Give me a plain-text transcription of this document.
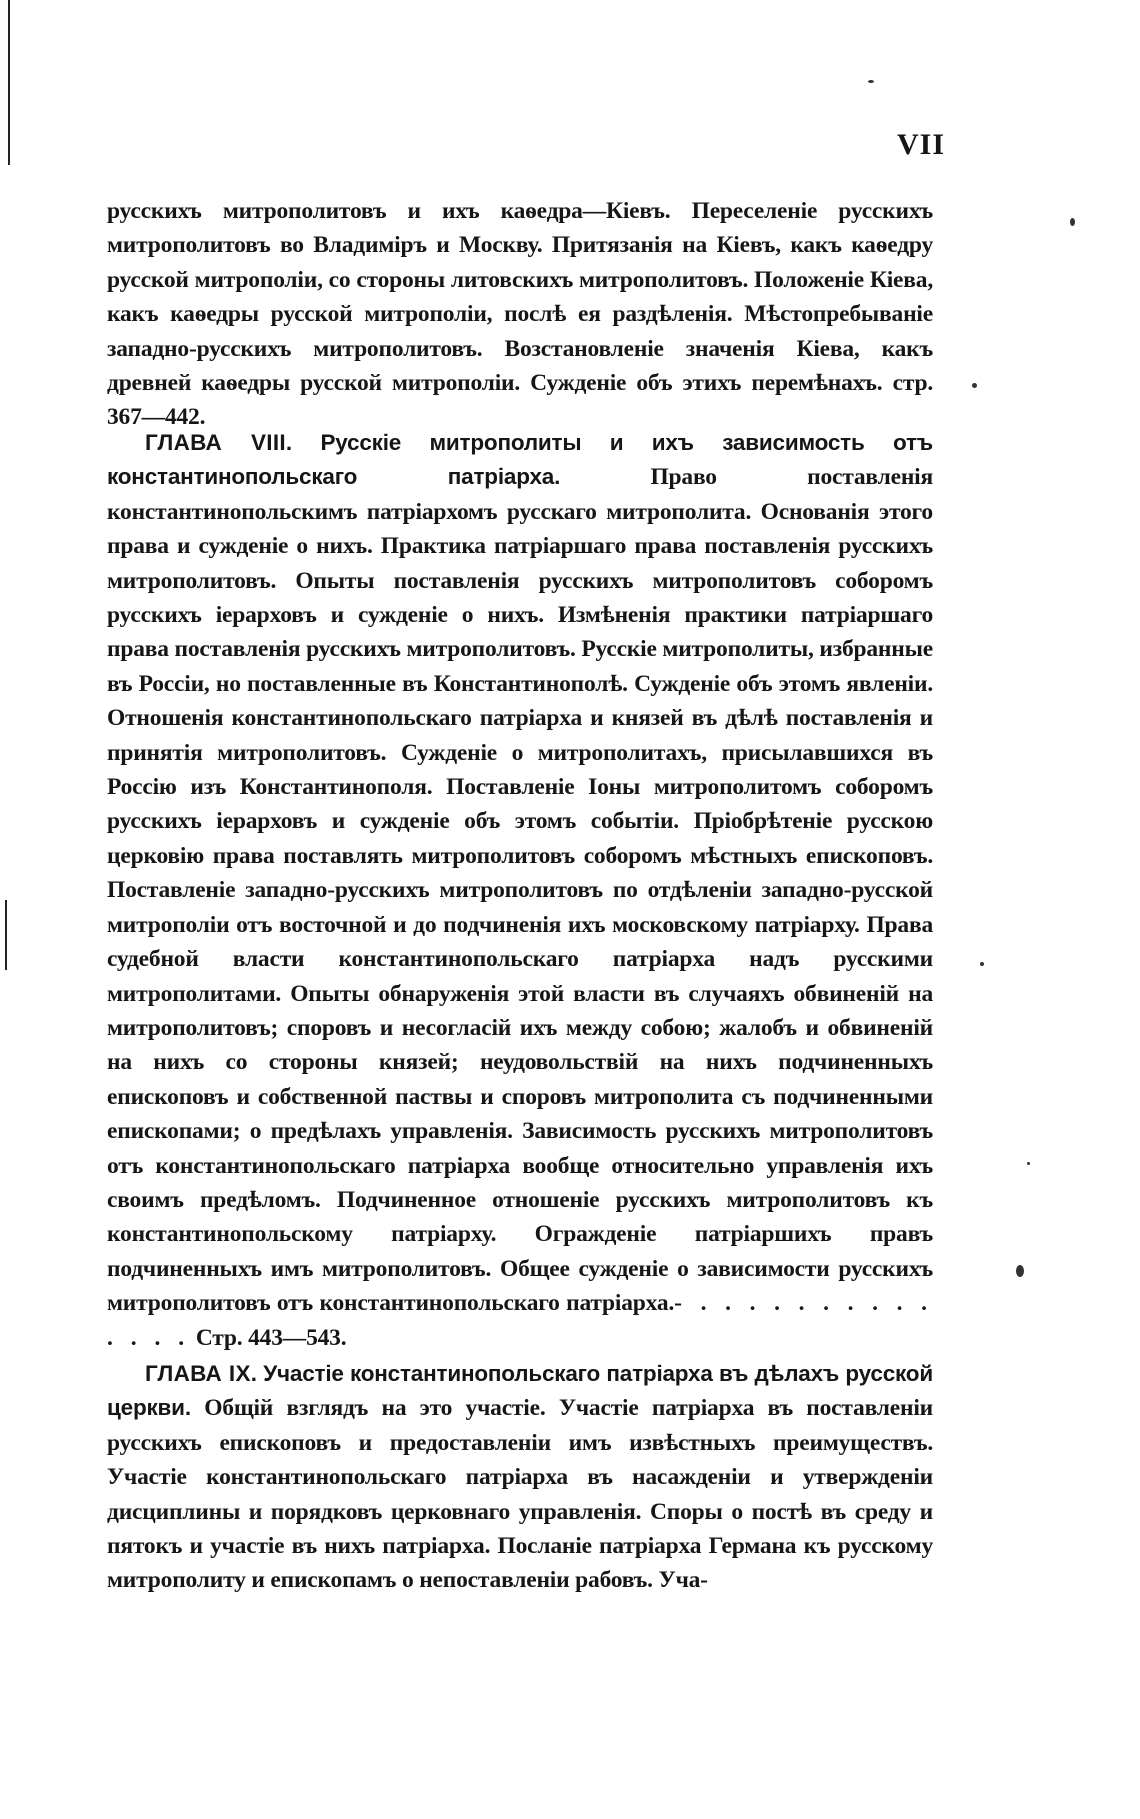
VII

русскихъ митрополитовъ и ихъ каѳедра—Кіевъ. Переселеніе русскихъ митрополитовъ во Владиміръ и Москву. Притязанія на Кіевъ, какъ каѳедру русской митрополіи, со стороны литовскихъ митрополитовъ. Положеніе Кіева, какъ каѳедры русской митрополіи, послѣ ея раздѣленія. Мѣстопребываніе западно-русскихъ митрополитовъ. Возстановленіе значенія Кіева, какъ древней каѳедры русской митрополіи. Сужденіе объ этихъ перемѣнахъ. стр. 367—442.

ГЛАВА VIII. Русскіе митрополиты и ихъ зависимость отъ константинопольскаго патріарха.	Право поставленія константинопольскимъ патріархомъ русскаго митрополита. Основанія этого права и сужденіе о нихъ. Практика патріаршаго права поставленія русскихъ митрополитовъ. Опыты поставленія русскихъ митрополитовъ соборомъ русскихъ іерарховъ и сужденіе о нихъ. Измѣненія практики патріаршаго права поставленія русскихъ митрополитовъ. Русскіе митрополиты, избранные въ Россіи, но поставленные въ Константинополѣ. Сужденіе объ этомъ явленіи. Отношенія константинопольскаго патріарха и князей въ дѣлѣ поставленія и принятія митрополитовъ. Сужденіе о митрополитахъ, присылавшихся въ Россію изъ Константинополя. Поставленіе Іоны митрополитомъ соборомъ русскихъ іерарховъ и сужденіе объ этомъ событіи. Пріобрѣтеніе русскою церковію права поставлять митрополитовъ соборомъ мѣстныхъ епископовъ. Поставленіе западно-русскихъ митрополитовъ по отдѣленіи западно-русской митрополіи отъ восточной и до подчиненія ихъ московскому патріарху. Права судебной власти константинопольскаго патріарха надъ русскими митрополитами. Опыты обнаруженія этой власти въ случаяхъ обвиненій на митрополитовъ; споровъ и несогласій ихъ между собою; жалобъ и обвиненій на нихъ со стороны князей; неудовольствій на нихъ подчиненныхъ епископовъ и собственной паствы и споровъ митрополита съ подчиненными епископами; о предѣлахъ управленія. Зависимость русскихъ митрополитовъ отъ константинопольскаго патріарха вообще относительно управленія ихъ своимъ предѣломъ. Подчиненное отношеніе русскихъ митрополитовъ къ константинопольскому патріарху. Огражденіе патріаршихъ правъ подчиненныхъ имъ митрополитовъ. Общее сужденіе о зависимости русскихъ митрополитовъ отъ константинопольскаго патріарха.- . . . . . . . . . . . . . . Стр. 443—543.

ГЛАВА IX. Участіе константинопольскаго патріарха въ дѣлахъ русской церкви. Общій взглядъ на это участіе. Участіе патріарха въ поставленіи русскихъ епископовъ и предоставленіи имъ извѣстныхъ преимуществъ. Участіе константинопольскаго патріарха въ насажденіи и утвержденіи дисциплины и порядковъ церковнаго управленія. Споры о постѣ въ среду и пятокъ и участіе въ нихъ патріарха. Посланіе патріарха Германа къ русскому митрополиту и епископамъ о непоставленіи рабовъ. Уча-
